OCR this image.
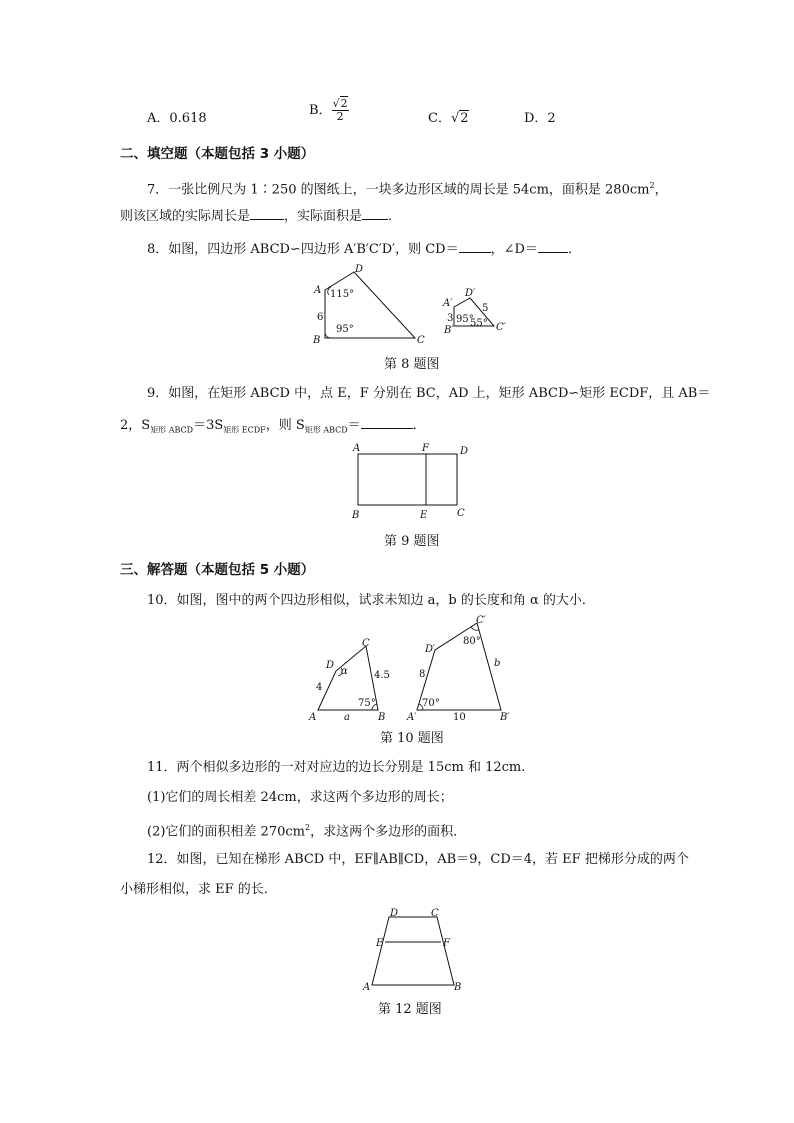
A．0.618
B． $\frac{√2}{2}$	C．√2	D．2
二、填空题（本题包括 3 小题）
7．一张比例尺为 1∶250 的图纸上，一块多边形区域的周长是 54cm，面积是 $280cm^2$，
则该区域的实际周长是	，实际面积是 ．
8．如图，四边形 ABCD∽四边形 A′B′C′D′，则 CD＝ ，∠D＝ ．
A
D
B	C
115°
95°
6
A′
D′
B′	C′
3
5
95°
55°
第 8 题图
9．如图，在矩形 ABCD 中，点 E，F 分别在 BC，AD 上，矩形 ABCD∽矩形 ECDF，且 AB＝
2，$S_{矩形 ABCD}=3S_{矩形 ECDF}$，则 $S_{矩形 ABCD}=$	．
A	F	D
B	E	C
第 9 题图
三、解答题（本题包括 5 小题）
10．如图，图中的两个四边形相似，试求未知边 a，b 的长度和角 α 的大小．
A	B
C
D
α
4
4.5
a
75°
A′	B′
C′
D′
8
b
10
70°
80°
第 10 题图
11．两个相似多边形的一对对应边的边长分别是 15cm 和 12cm.
(1)它们的周长相差 24cm，求这两个多边形的周长；
(2)它们的面积相差 $270cm^2$，求这两个多边形的面积．
12．如图，已知在梯形 ABCD 中，EF∥AB∥CD，AB＝9，CD＝4，若 EF 把梯形分成的两个
小梯形相似，求 EF 的长．
D	C
E	F
A	B
第 12 题图
